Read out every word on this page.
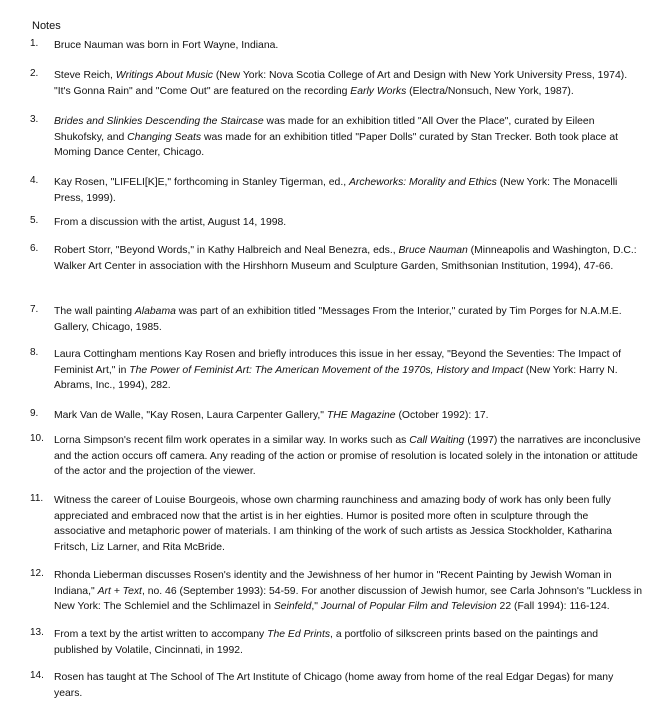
Notes
1.	Bruce Nauman was born in Fort Wayne, Indiana.
2.	Steve Reich, Writings About Music (New York: Nova Scotia College of Art and Design with New York University Press, 1974). "It's Gonna Rain" and "Come Out" are featured on the recording Early Works (Electra/Nonsuch, New York, 1987).
3.	Brides and Slinkies Descending the Staircase was made for an exhibition titled "All Over the Place", curated by Eileen Shukofsky, and Changing Seats was made for an exhibition titled "Paper Dolls" curated by Stan Trecker. Both took place at Moming Dance Center, Chicago.
4.	Kay Rosen, "LIFELI[K]E," forthcoming in Stanley Tigerman, ed., Archeworks: Morality and Ethics (New York: The Monacelli Press, 1999).
5.	From a discussion with the artist, August 14, 1998.
6.	Robert Storr, "Beyond Words," in Kathy Halbreich and Neal Benezra, eds., Bruce Nauman (Minneapolis and Washington, D.C.: Walker Art Center in association with the Hirshhorn Museum and Sculpture Garden, Smithsonian Institution, 1994), 47-66.
7.	The wall painting Alabama was part of an exhibition titled "Messages From the Interior," curated by Tim Porges for N.A.M.E. Gallery, Chicago, 1985.
8.	Laura Cottingham mentions Kay Rosen and briefly introduces this issue in her essay, "Beyond the Seventies: The Impact of Feminist Art," in The Power of Feminist Art: The American Movement of the 1970s, History and Impact (New York: Harry N. Abrams, Inc., 1994), 282.
9.	Mark Van de Walle, "Kay Rosen, Laura Carpenter Gallery," THE Magazine (October 1992): 17.
10. Lorna Simpson's recent film work operates in a similar way. In works such as Call Waiting (1997) the narratives are inconclusive and the action occurs off camera. Any reading of the action or promise of resolution is located solely in the intonation or attitude of the actor and the projection of the viewer.
11.	Witness the career of Louise Bourgeois, whose own charming raunchiness and amazing body of work has only been fully appreciated and embraced now that the artist is in her eighties. Humor is posited more often in sculpture through the associative and metaphoric power of materials. I am thinking of the work of such artists as Jessica Stockholder, Katharina Fritsch, Liz Larner, and Rita McBride.
12. Rhonda Lieberman discusses Rosen's identity and the Jewishness of her humor in "Recent Painting by Jewish Woman in Indiana," Art + Text, no. 46 (September 1993): 54-59. For another discussion of Jewish humor, see Carla Johnson's "Luckless in New York: The Schlemiel and the Schlimazel in Seinfeld," Journal of Popular Film and Television 22 (Fall 1994): 116-124.
13. From a text by the artist written to accompany The Ed Prints, a portfolio of silkscreen prints based on the paintings and published by Volatile, Cincinnati, in 1992.
14. Rosen has taught at The School of The Art Institute of Chicago (home away from home of the real Edgar Degas) for many years.
